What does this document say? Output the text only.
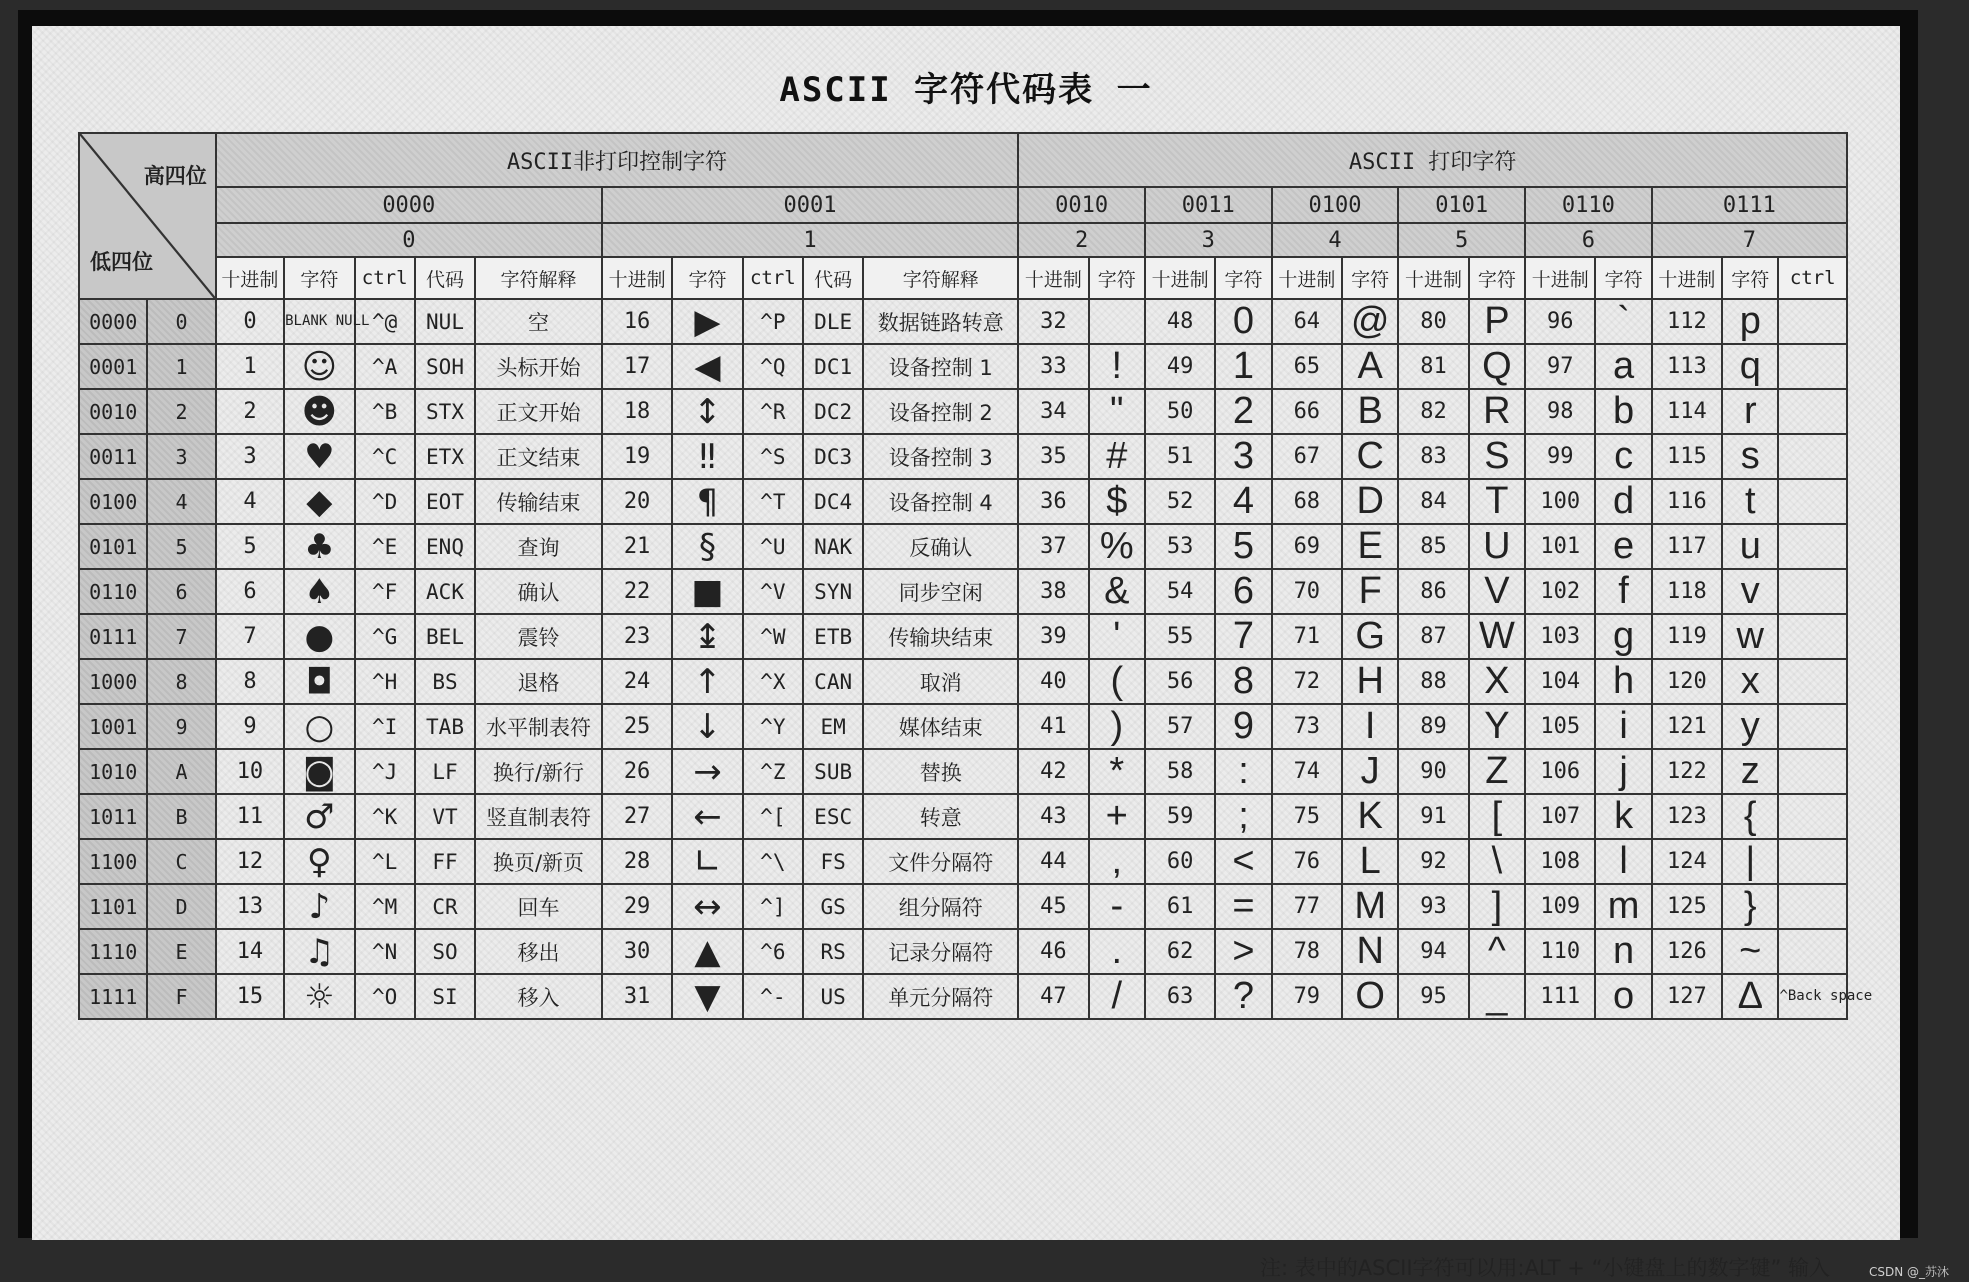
ASCII 字符代码表 一
高四位
低四位		ASCII非打印控制字符										ASCII 打印字符												
		0000					0001					0010		0011		0100		0101		0110		0111		
		0					1					2		3		4		5		6		7		
		十进制	字符	ctrl	代码	字符解释	十进制	字符	ctrl	代码	字符解释	十进制	字符	十进制	字符	十进制	字符	十进制	字符	十进制	字符	十进制	字符	ctrl
0000	0	0	BLANK NULL	^@	NUL	空	16	▶	^P	DLE	数据链路转意	32		48	0	64	@	80	P	96	`	112	p	
0001	1	1	☺	^A	SOH	头标开始	17	◀	^Q	DC1	设备控制 1	33	!	49	1	65	A	81	Q	97	a	113	q	
0010	2	2	☻	^B	STX	正文开始	18	↕	^R	DC2	设备控制 2	34	"	50	2	66	B	82	R	98	b	114	r	
0011	3	3	♥	^C	ETX	正文结束	19	‼	^S	DC3	设备控制 3	35	#	51	3	67	C	83	S	99	c	115	s	
0100	4	4	◆	^D	EOT	传输结束	20	¶	^T	DC4	设备控制 4	36	$	52	4	68	D	84	T	100	d	116	t	
0101	5	5	♣	^E	ENQ	查询	21	§	^U	NAK	反确认	37	%	53	5	69	E	85	U	101	e	117	u	
0110	6	6	♠	^F	ACK	确认	22	■	^V	SYN	同步空闲	38	&	54	6	70	F	86	V	102	f	118	v	
0111	7	7	●	^G	BEL	震铃	23	↨	^W	ETB	传输块结束	39	'	55	7	71	G	87	W	103	g	119	w	
1000	8	8	◘	^H	BS	退格	24	↑	^X	CAN	取消	40	(	56	8	72	H	88	X	104	h	120	x	
1001	9	9	○	^I	TAB	水平制表符	25	↓	^Y	EM	媒体结束	41	)	57	9	73	I	89	Y	105	i	121	y	
1010	A	10	◙	^J	LF	换行/新行	26	→	^Z	SUB	替换	42	*	58	:	74	J	90	Z	106	j	122	z	
1011	B	11	♂	^K	VT	竖直制表符	27	←	^[	ESC	转意	43	+	59	;	75	K	91	[	107	k	123	{	
1100	C	12	♀	^L	FF	换页/新页	28	∟	^\	FS	文件分隔符	44	,	60	<	76	L	92	\	108	l	124	|	
1101	D	13	♪	^M	CR	回车	29	↔	^]	GS	组分隔符	45	-	61	=	77	M	93	]	109	m	125	}	
1110	E	14	♫	^N	SO	移出	30	▲	^6	RS	记录分隔符	46	.	62	>	78	N	94	^	110	n	126	~	
1111	F	15	☼	^O	SI	移入	31	▼	^-	US	单元分隔符	47	/	63	?	79	O	95	_	111	o	127	Δ	^Back space
注: 表中的ASCII字符可以用:ALT + “小键盘上的数字键” 输入	CSDN @_苏沐
